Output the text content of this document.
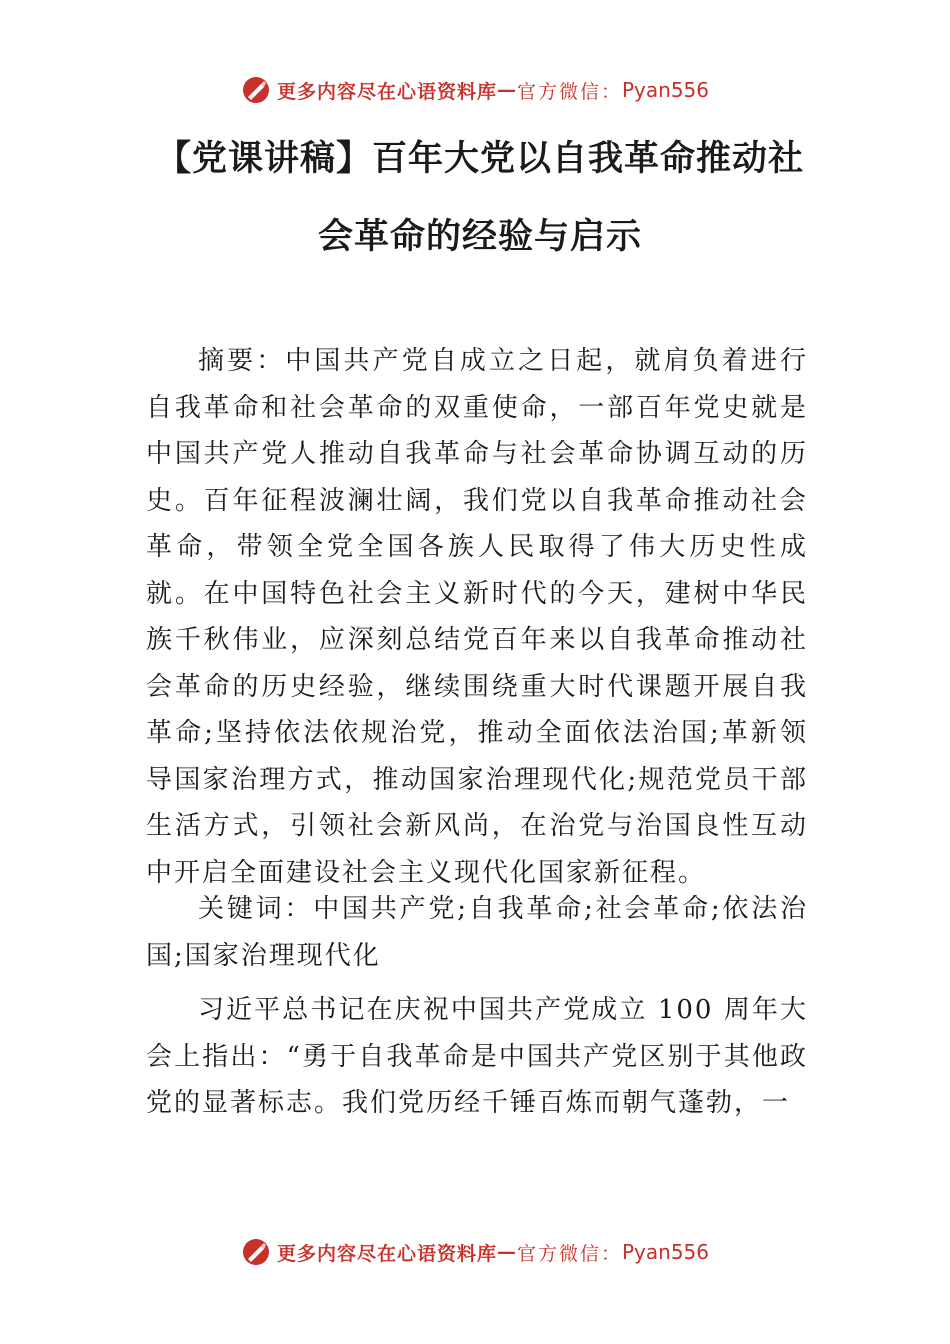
更多内容尽在心语资料库 — 官方微信： Pyan556
【党课讲稿】百年大党以自我革命推动社会革命的经验与启示

摘要：中国共产党自成立之日起，就肩负着进行自我革命和社会革命的双重使命，一部百年党史就是中国共产党人推动自我革命与社会革命协调互动的历史。百年征程波澜壮阔，我们党以自我革命推动社会革命，带领全党全国各族人民取得了伟大历史性成就。在中国特色社会主义新时代的今天，建树中华民族千秋伟业，应深刻总结党百年来以自我革命推动社会革命的历史经验，继续围绕重大时代课题开展自我革命;坚持依法依规治党，推动全面依法治国;革新领导国家治理方式，推动国家治理现代化;规范党员干部生活方式，引领社会新风尚，在治党与治国良性互动中开启全面建设社会主义现代化国家新征程。

关键词：中国共产党;自我革命;社会革命;依法治国;国家治理现代化

习近平总书记在庆祝中国共产党成立 100 周年大会上指出：“勇于自我革命是中国共产党区别于其他政党的显著标志。我们党历经千锤百炼而朝气蓬勃，一

更多内容尽在心语资料库 — 官方微信： Pyan556
